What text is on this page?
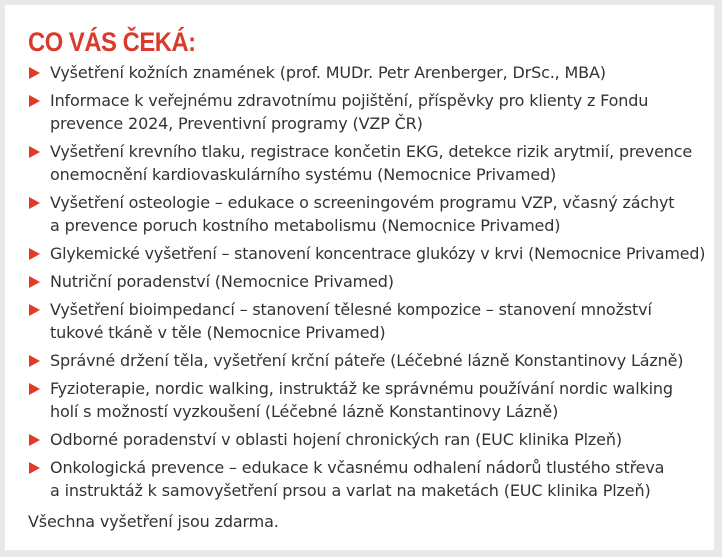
CO VÁS ČEKÁ:
Vyšetření kožních znamének (prof. MUDr. Petr Arenberger, DrSc., MBA)
Informace k veřejnému zdravotnímu pojištění, příspěvky pro klienty z Fondu
prevence 2024, Preventivní programy (VZP ČR)
Vyšetření krevního tlaku, registrace končetin EKG, detekce rizik arytmií, prevence
onemocnění kardiovaskulárního systému (Nemocnice Privamed)
Vyšetření osteologie – edukace o screeningovém programu VZP, včasný záchyt
a prevence poruch kostního metabolismu (Nemocnice Privamed)
Glykemické vyšetření – stanovení koncentrace glukózy v krvi (Nemocnice Privamed)
Nutriční poradenství (Nemocnice Privamed)
Vyšetření bioimpedancí – stanovení tělesné kompozice – stanovení množství
tukové tkáně v těle (Nemocnice Privamed)
Správné držení těla, vyšetření krční páteře (Léčebné lázně Konstantinovy Lázně)
Fyzioterapie, nordic walking, instruktáž ke správnému používání nordic walking
holí s možností vyzkoušení (Léčebné lázně Konstantinovy Lázně)
Odborné poradenství v oblasti hojení chronických ran (EUC klinika Plzeň)
Onkologická prevence – edukace k včasnému odhalení nádorů tlustého střeva
a instruktáž k samovyšetření prsou a varlat na maketách (EUC klinika Plzeň)

Všechna vyšetření jsou zdarma.
